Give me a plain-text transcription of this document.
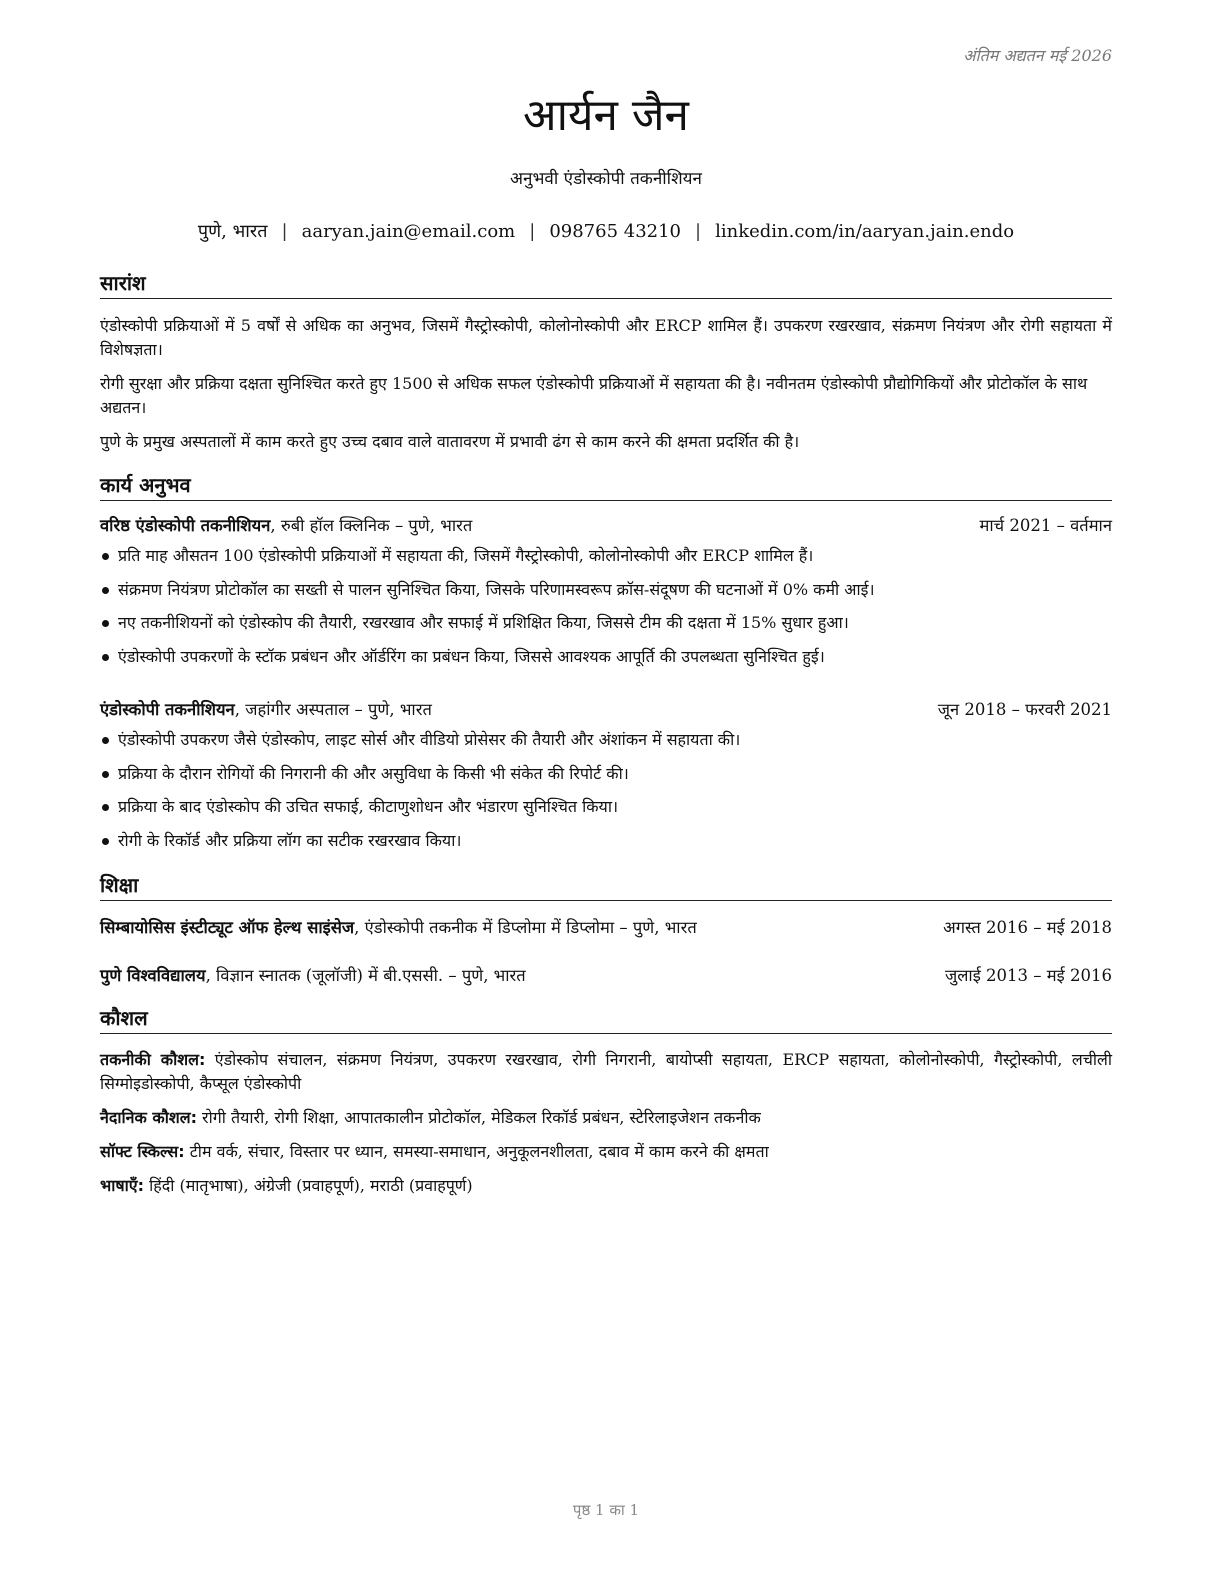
अंतिम अद्यतन मई 2026
आर्यन जैन
अनुभवी एंडोस्कोपी तकनीशियन
पुणे, भारत | aaryan.jain@email.com | 098765 43210 | linkedin.com/in/aaryan.jain.endo
सारांश

एंडोस्कोपी प्रक्रियाओं में 5 वर्षों से अधिक का अनुभव, जिसमें गैस्ट्रोस्कोपी, कोलोनोस्कोपी और ERCP शामिल हैं। उपकरण रखरखाव, संक्रमण नियंत्रण और रोगी सहायता में विशेषज्ञता।

रोगी सुरक्षा और प्रक्रिया दक्षता सुनिश्चित करते हुए 1500 से अधिक सफल एंडोस्कोपी प्रक्रियाओं में सहायता की है। नवीनतम एंडोस्कोपी प्रौद्योगिकियों और प्रोटोकॉल के साथ अद्यतन।

पुणे के प्रमुख अस्पतालों में काम करते हुए उच्च दबाव वाले वातावरण में प्रभावी ढंग से काम करने की क्षमता प्रदर्शित की है।

कार्य अनुभव
वरिष्ठ एंडोस्कोपी तकनीशियन, रुबी हॉल क्लिनिक – पुणे, भारत	मार्च 2021 – वर्तमान
प्रति माह औसतन 100 एंडोस्कोपी प्रक्रियाओं में सहायता की, जिसमें गैस्ट्रोस्कोपी, कोलोनोस्कोपी और ERCP शामिल हैं।
संक्रमण नियंत्रण प्रोटोकॉल का सख्ती से पालन सुनिश्चित किया, जिसके परिणामस्वरूप क्रॉस-संदूषण की घटनाओं में 0% कमी आई।
नए तकनीशियनों को एंडोस्कोप की तैयारी, रखरखाव और सफाई में प्रशिक्षित किया, जिससे टीम की दक्षता में 15% सुधार हुआ।
एंडोस्कोपी उपकरणों के स्टॉक प्रबंधन और ऑर्डरिंग का प्रबंधन किया, जिससे आवश्यक आपूर्ति की उपलब्धता सुनिश्चित हुई।
एंडोस्कोपी तकनीशियन, जहांगीर अस्पताल – पुणे, भारत	जून 2018 – फरवरी 2021
एंडोस्कोपी उपकरण जैसे एंडोस्कोप, लाइट सोर्स और वीडियो प्रोसेसर की तैयारी और अंशांकन में सहायता की।
प्रक्रिया के दौरान रोगियों की निगरानी की और असुविधा के किसी भी संकेत की रिपोर्ट की।
प्रक्रिया के बाद एंडोस्कोप की उचित सफाई, कीटाणुशोधन और भंडारण सुनिश्चित किया।
रोगी के रिकॉर्ड और प्रक्रिया लॉग का सटीक रखरखाव किया।
शिक्षा
सिम्बायोसिस इंस्टीट्यूट ऑफ हेल्थ साइंसेज, एंडोस्कोपी तकनीक में डिप्लोमा में डिप्लोमा – पुणे, भारत	अगस्त 2016 – मई 2018
पुणे विश्वविद्यालय, विज्ञान स्नातक (जूलॉजी) में बी.एससी. – पुणे, भारत	जुलाई 2013 – मई 2016
कौशल

तकनीकी कौशल: एंडोस्कोप संचालन, संक्रमण नियंत्रण, उपकरण रखरखाव, रोगी निगरानी, बायोप्सी सहायता, ERCP सहायता, कोलोनोस्कोपी, गैस्ट्रोस्कोपी, लचीली सिग्मोइडोस्कोपी, कैप्सूल एंडोस्कोपी

नैदानिक कौशल: रोगी तैयारी, रोगी शिक्षा, आपातकालीन प्रोटोकॉल, मेडिकल रिकॉर्ड प्रबंधन, स्टेरिलाइजेशन तकनीक

सॉफ्ट स्किल्स: टीम वर्क, संचार, विस्तार पर ध्यान, समस्या-समाधान, अनुकूलनशीलता, दबाव में काम करने की क्षमता

भाषाएँ: हिंदी (मातृभाषा), अंग्रेजी (प्रवाहपूर्ण), मराठी (प्रवाहपूर्ण)

पृष्ठ 1 का 1
